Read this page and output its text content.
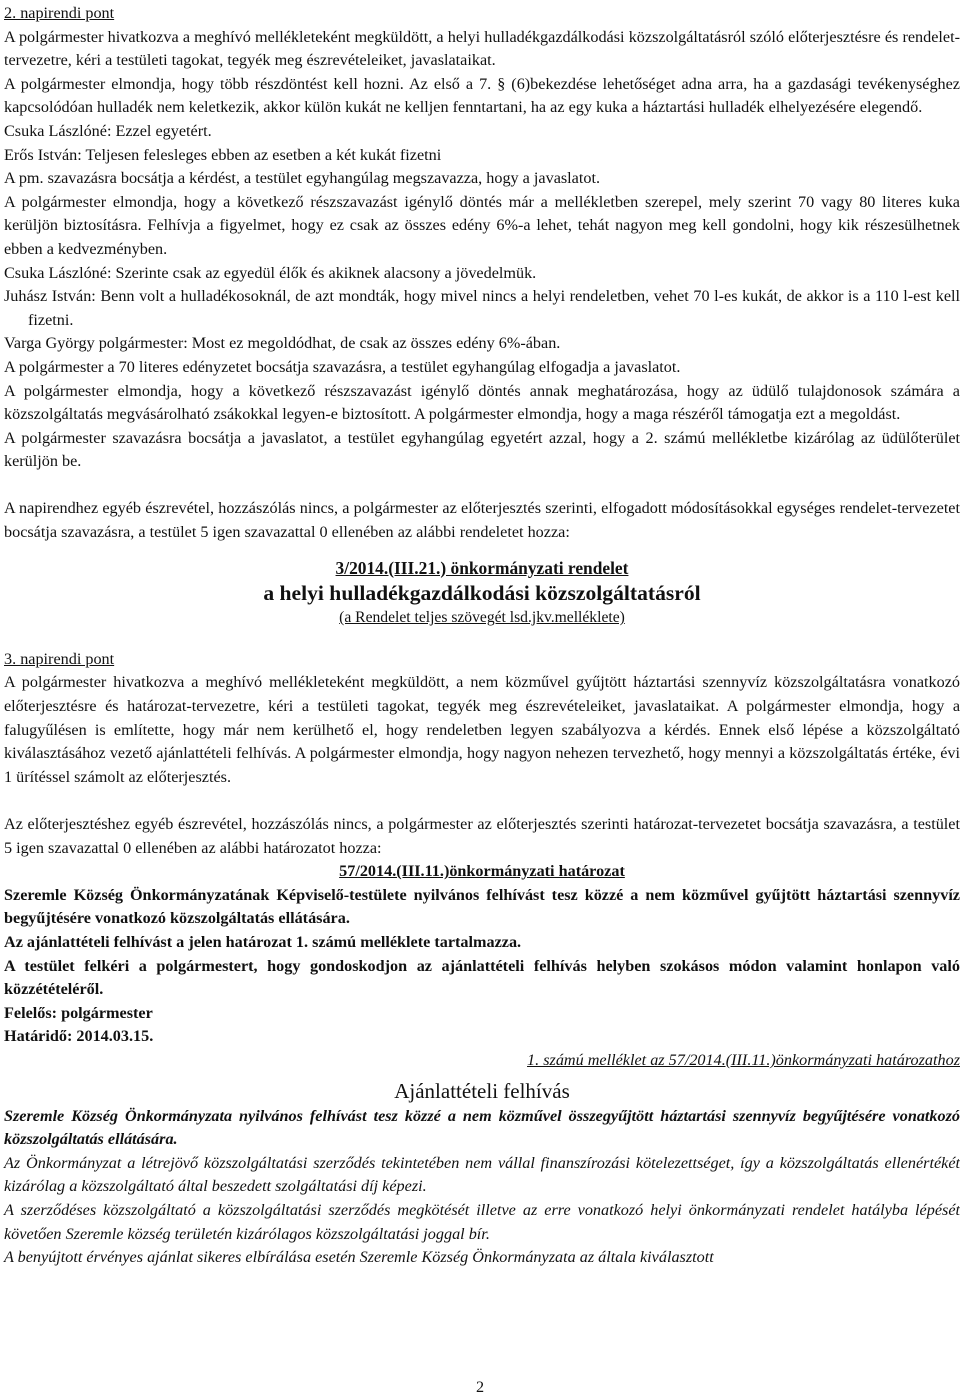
2. napirendi pont

A polgármester hivatkozva a meghívó mellékleteként megküldött, a helyi hulladékgazdálkodási közszolgáltatásról szóló előterjesztésre és rendelet-tervezetre, kéri a testületi tagokat, tegyék meg észrevételeiket, javaslataikat.

A polgármester elmondja, hogy több részdöntést kell hozni. Az első a 7. § (6)bekezdése lehetőséget adna arra, ha a gazdasági tevékenységhez kapcsolódóan hulladék nem keletkezik, akkor külön kukát ne kelljen fenntartani, ha az egy kuka a háztartási hulladék elhelyezésére elegendő.

Csuka Lászlóné: Ezzel egyetért.

Erős István: Teljesen felesleges ebben az esetben a két kukát fizetni

A pm. szavazásra bocsátja a kérdést, a testület egyhangúlag megszavazza, hogy a javaslatot.

A polgármester elmondja, hogy a következő részszavazást igénylő döntés már a mellékletben szerepel, mely szerint 70 vagy 80 literes kuka kerüljön biztosításra. Felhívja a figyelmet, hogy ez csak az összes edény 6%-a lehet, tehát nagyon meg kell gondolni, hogy kik részesülhetnek ebben a kedvezményben.

Csuka Lászlóné: Szerinte csak az egyedül élők és akiknek alacsony a jövedelmük.

Juhász István: Benn volt a hulladékosoknál, de azt mondták, hogy mivel nincs a helyi rendeletben, vehet 70 l-es kukát, de akkor is a 110 l-est kell fizetni.

Varga György polgármester: Most ez megoldódhat, de csak az összes edény 6%-ában.

A polgármester a 70 literes edényzetet bocsátja szavazásra, a testület egyhangúlag elfogadja a javaslatot.

A polgármester elmondja, hogy a következő részszavazást igénylő döntés annak meghatározása, hogy az üdülő tulajdonosok számára a közszolgáltatás megvásárolható zsákokkal legyen-e biztosított. A polgármester elmondja, hogy a maga részéről támogatja ezt a megoldást.

A polgármester szavazásra bocsátja a javaslatot, a testület egyhangúlag egyetért azzal, hogy a 2. számú mellékletbe kizárólag az üdülőterület kerüljön be.

A napirendhez egyéb észrevétel, hozzászólás nincs, a polgármester az előterjesztés szerinti, elfogadott módosításokkal egységes rendelet-tervezetet bocsátja szavazásra, a testület 5 igen szavazattal 0 ellenében az alábbi rendeletet hozza:

3/2014.(III.21.) önkormányzati rendelet

a helyi hulladékgazdálkodási közszolgáltatásról

(a Rendelet teljes szövegét lsd.jkv.melléklete)

3. napirendi pont

A polgármester hivatkozva a meghívó mellékleteként megküldött, a nem közművel gyűjtött háztartási szennyvíz közszolgáltatásra vonatkozó előterjesztésre és határozat-tervezetre, kéri a testületi tagokat, tegyék meg észrevételeiket, javaslataikat. A polgármester elmondja, hogy a falugyűlésen is említette, hogy már nem kerülhető el, hogy rendeletben legyen szabályozva a kérdés. Ennek első lépése a közszolgáltató kiválasztásához vezető ajánlattételi felhívás. A polgármester elmondja, hogy nagyon nehezen tervezhető, hogy mennyi a közszolgáltatás értéke, évi 1 ürítéssel számolt az előterjesztés.

Az előterjesztéshez egyéb észrevétel, hozzászólás nincs, a polgármester az előterjesztés szerinti határozat-tervezetet bocsátja szavazásra, a testület 5 igen szavazattal 0 ellenében az alábbi határozatot hozza:

57/2014.(III.11.)önkormányzati határozat

Szeremle Község Önkormányzatának Képviselő-testülete nyilvános felhívást tesz közzé a nem közművel gyűjtött háztartási szennyvíz begyűjtésére vonatkozó közszolgáltatás ellátására.

Az ajánlattételi felhívást a jelen határozat 1. számú melléklete tartalmazza.

A testület felkéri a polgármestert, hogy gondoskodjon az ajánlattételi felhívás helyben szokásos módon valamint honlapon való közzétételéről.

Felelős: polgármester

Határidő: 2014.03.15.

1. számú melléklet az 57/2014.(III.11.)önkormányzati határozathoz

Ajánlattételi felhívás

Szeremle Község Önkormányzata nyilvános felhívást tesz közzé a nem közművel összegyűjtött háztartási szennyvíz begyűjtésére vonatkozó közszolgáltatás ellátására.

Az Önkormányzat a létrejövő közszolgáltatási szerződés tekintetében nem vállal finanszírozási kötelezettséget, így a közszolgáltatás ellenértékét kizárólag a közszolgáltató által beszedett szolgáltatási díj képezi.

A szerződéses közszolgáltató a közszolgáltatási szerződés megkötését illetve az erre vonatkozó helyi önkormányzati rendelet hatályba lépését követően Szeremle község területén kizárólagos közszolgáltatási joggal bír.

A benyújtott érvényes ajánlat sikeres elbírálása esetén Szeremle Község Önkormányzata az általa kiválasztott

2
